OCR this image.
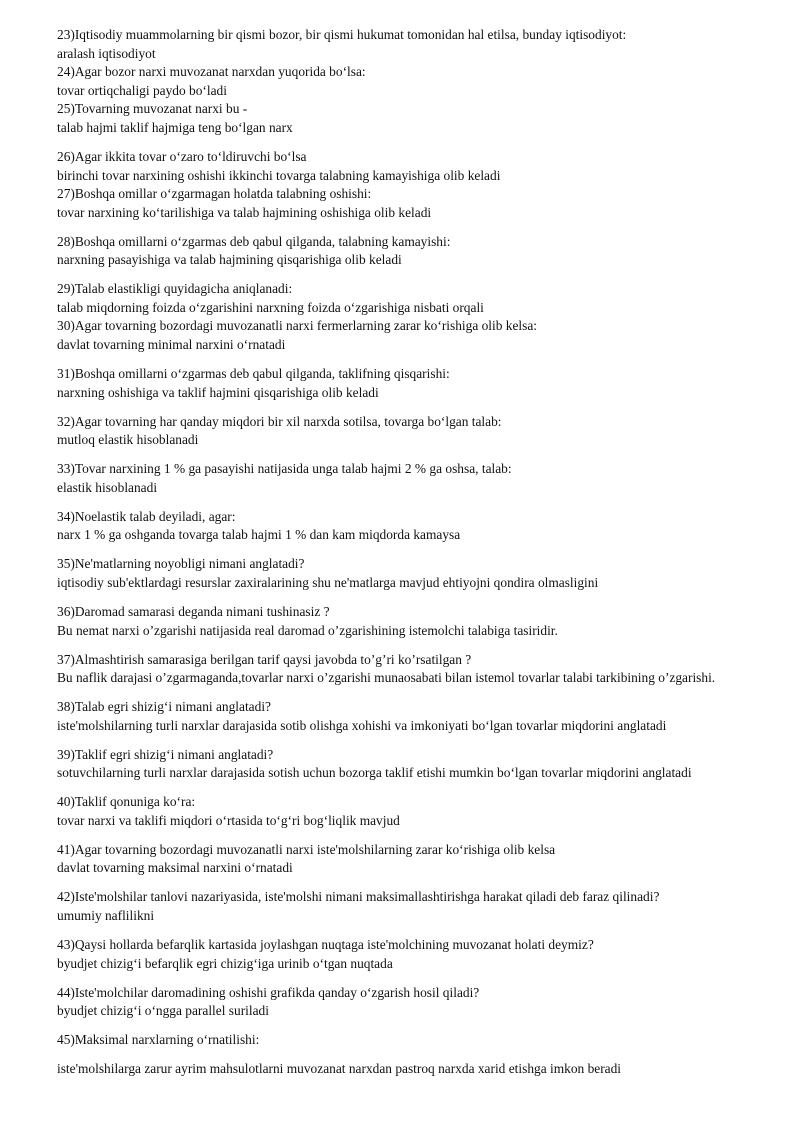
23)Iqtisodiy muammolarning bir qismi bozor, bir qismi hukumat tomonidan hal etilsa, bunday iqtisodiyot:
aralash iqtisodiyot
24)Agar bozor narxi muvozanat narxdan yuqorida bo‘lsa:
tovar ortiqchaligi paydo bo‘ladi
25)Tovarning muvozanat narxi bu -
talab hajmi taklif hajmiga teng bo‘lgan narx
26)Agar ikkita tovar o‘zaro to‘ldiruvchi bo‘lsa
birinchi tovar narxining oshishi ikkinchi tovarga talabning kamayishiga olib keladi
27)Boshqa omillar o‘zgarmagan holatda talabning oshishi:
tovar narxining ko‘tarilishiga va talab hajmining oshishiga olib keladi
28)Boshqa omillarni o‘zgarmas deb qabul qilganda, talabning kamayishi:
narxning pasayishiga va talab hajmining qisqarishiga olib keladi
29)Talab elastikligi quyidagicha aniqlanadi:
talab miqdorning foizda o‘zgarishini narxning foizda o‘zgarishiga nisbati orqali
30)Agar tovarning bozordagi muvozanatli narxi fermerlarning zarar ko‘rishiga olib kelsa:
davlat tovarning minimal narxini o‘rnatadi
31)Boshqa omillarni o‘zgarmas deb qabul qilganda, taklifning qisqarishi:
narxning oshishiga va taklif hajmini qisqarishiga olib keladi
32)Agar tovarning har qanday miqdori bir xil narxda sotilsa, tovarga bo‘lgan talab:
mutloq elastik hisoblanadi
33)Tovar narxining 1 % ga pasayishi natijasida unga talab hajmi 2 % ga oshsa, talab:
elastik hisoblanadi
34)Noelastik talab deyiladi, agar:
narx 1 % ga oshganda tovarga talab hajmi 1 % dan kam miqdorda kamaysa
35)Ne'matlarning noyobligi nimani anglatadi?
iqtisodiy sub'ektlardagi resurslar zaxiralarining shu ne'matlarga mavjud ehtiyojni qondira olmasligini
36)Daromad samarasi deganda nimani tushinasiz ?
Bu nemat narxi o’zgarishi natijasida real daromad o’zgarishining istemolchi talabiga tasiridir.
37)Almashtirish samarasiga berilgan tarif qaysi javobda to’g’ri ko’rsatilgan ?
Bu naflik darajasi o’zgarmaganda,tovarlar narxi o’zgarishi munaosabati bilan istemol tovarlar talabi tarkibining o’zgarishi.
38)Talab egri shizig‘i nimani anglatadi?
iste'molshilarning turli narxlar darajasida sotib olishga xohishi va imkoniyati bo‘lgan tovarlar miqdorini anglatadi
39)Taklif egri shizig‘i nimani anglatadi?
sotuvchilarning turli narxlar darajasida sotish uchun bozorga taklif etishi mumkin bo‘lgan tovarlar miqdorini anglatadi
40)Taklif qonuniga ko‘ra:
tovar narxi va taklifi miqdori o‘rtasida to‘g‘ri bog‘liqlik mavjud
41)Agar tovarning bozordagi muvozanatli narxi iste'molshilarning zarar ko‘rishiga olib kelsa
davlat tovarning maksimal narxini o‘rnatadi
42)Iste'molshilar tanlovi nazariyasida, iste'molshi nimani maksimallashtirishga harakat qiladi deb faraz qilinadi?
umumiy naflilikni
43)Qaysi hollarda befarqlik kartasida joylashgan nuqtaga iste'molchining muvozanat holati deymiz?
byudjet chizig‘i befarqlik egri chizig‘iga urinib o‘tgan nuqtada
44)Iste'molchilar daromadining oshishi grafikda qanday o‘zgarish hosil qiladi?
byudjet chizig‘i o‘ngga parallel suriladi
45)Maksimal narxlarning o‘rnatilishi:
iste'molshilarga zarur ayrim mahsulotlarni muvozanat narxdan pastroq narxda xarid etishga imkon beradi
